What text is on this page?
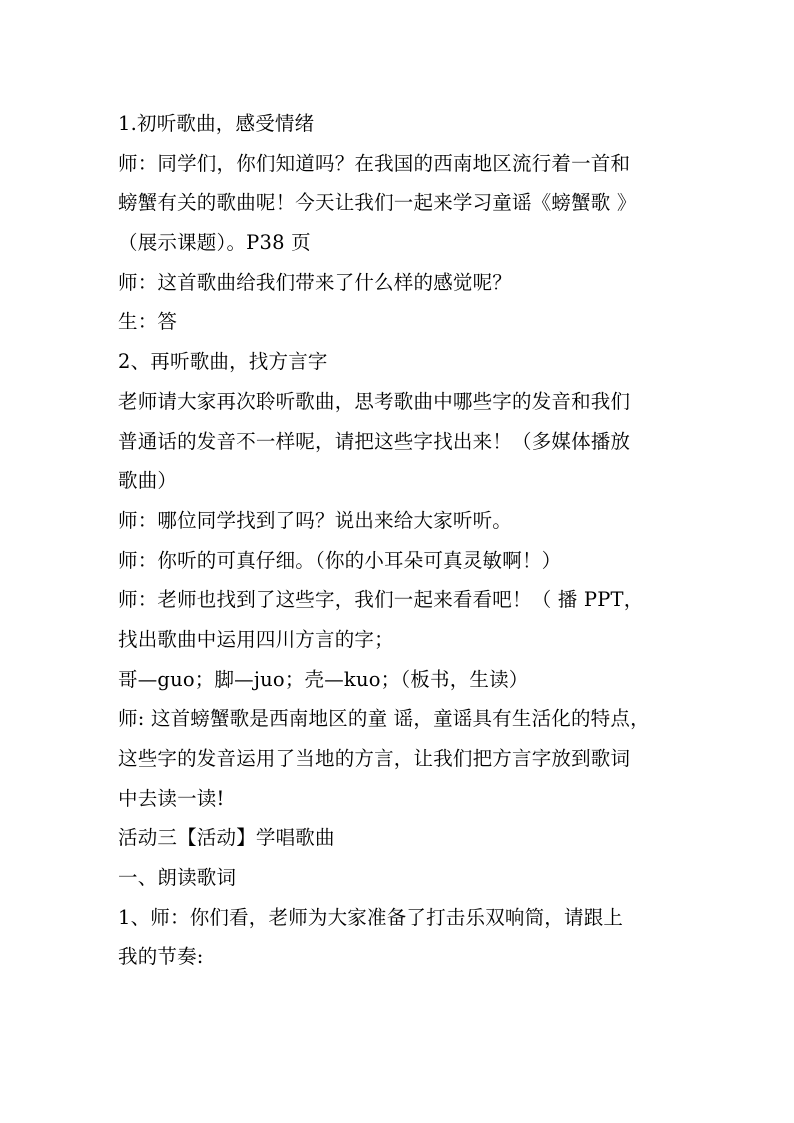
1.初听歌曲，感受情绪
师：同学们，你们知道吗？在我国的西南地区流行着一首和
螃蟹有关的歌曲呢！今天让我们一起来学习童谣《螃蟹歌 》
（展示课题）。P38 页
师：这首歌曲给我们带来了什么样的感觉呢？
生：答
2、再听歌曲，找方言字
老师请大家再次聆听歌曲，思考歌曲中哪些字的发音和我们
普通话的发音不一样呢，请把这些字找出来！（多媒体播放
歌曲）
师：哪位同学找到了吗？说出来给大家听听。
师：你听的可真仔细。（你的小耳朵可真灵敏啊！）
师：老师也找到了这些字，我们一起来看看吧！（ 播 PPT，
找出歌曲中运用四川方言的字；
哥—guo；脚—juo；壳—kuo；（板书，生读）
师: 这首螃蟹歌是西南地区的童 谣，童谣具有生活化的特点，
这些字的发音运用了当地的方言，让我们把方言字放到歌词
中去读一读!
活动三【活动】学唱歌曲
一、朗读歌词
1、师：你们看，老师为大家准备了打击乐双响筒，请跟上
我的节奏:
